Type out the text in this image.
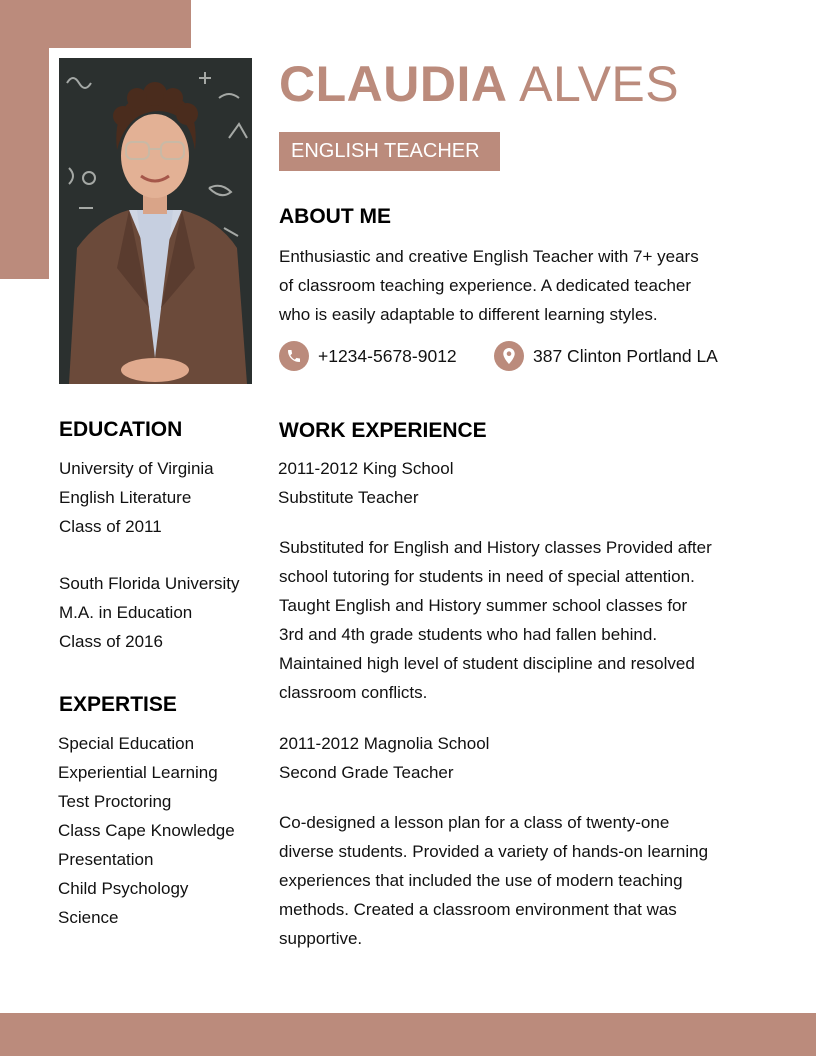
CLAUDIA ALVES
ENGLISH TEACHER
ABOUT ME
Enthusiastic and creative English Teacher with 7+ years
of classroom teaching experience. A dedicated teacher
who is easily adaptable to different learning styles.
+1234-5678-9012	387 Clinton Portland LA
EDUCATION
University of Virginia
English Literature
Class of 2011
South Florida University
M.A. in Education
Class of 2016
EXPERTISE
Special Education
Experiential Learning
Test Proctoring
Class Cape Knowledge
Presentation
Child Psychology
Science
WORK EXPERIENCE
2011-2012 King School
Substitute Teacher
Substituted for English and History classes Provided after
school tutoring for students in need of special attention.
Taught English and History summer school classes for
3rd and 4th grade students who had fallen behind.
Maintained high level of student discipline and resolved
classroom conflicts.
2011-2012 Magnolia School
Second Grade Teacher
Co-designed a lesson plan for a class of twenty-one
diverse students. Provided a variety of hands-on learning
experiences that included the use of modern teaching
methods. Created a classroom environment that was
supportive.
